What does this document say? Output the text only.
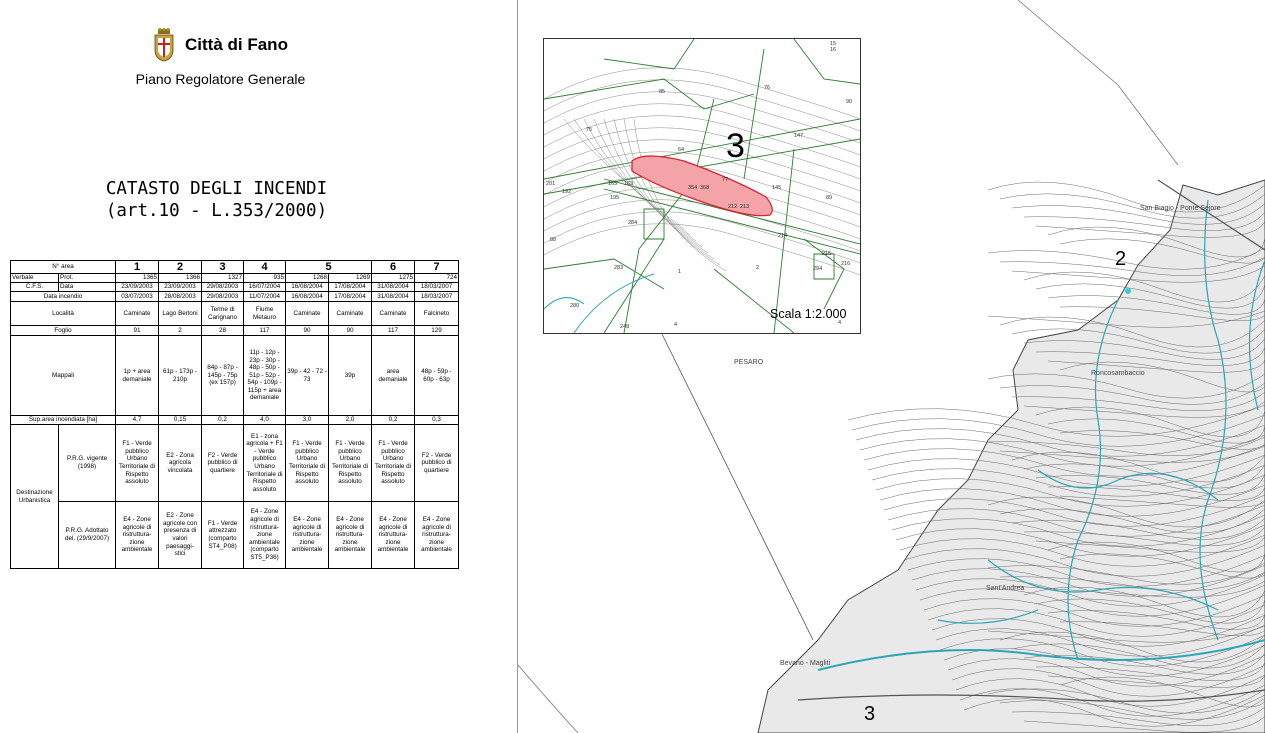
Città di Fano
Piano Regolatore Generale
CATASTO DEGLI INCENDI
(art.10 - L.353/2000)
N° area		1	2	3	4	5		6	7
Verbale	Prot.	1365	1366	1327	935	1268	1269	1275	724
C.F.S.	Data	23/09/2003	23/09/2003	29/08/2003	16/07/2004	16/08/2004	17/08/2004	31/08/2004	18/03/2007
Data incendio		03/07/2003	28/08/2003	29/08/2003	11/07/2004	16/08/2004	17/08/2004	31/08/2004	18/03/2007
Località		Caminate	Lago Berloni	Terme di Carignano	Fiume Metauro	Caminate	Caminate	Caminate	Falcineto
Foglio		91	2	28	117	90	90	117	129
Mappali		1p + area demaniale	61p - 173p - 210p	84p - 87p - 145p - 75p (ex 157p)	11p - 12p - 23p - 30p - 48p - 50p - 51p - 52p - 54p - 109p - 115p + area demaniale	39p - 42 - 72 - 73	39p	area demaniale	48p - 59p - 60p - 63p
Sup.area incendiata [ha]		4,7	0,15	0,2	4,0	3,0	2,0	0,2	0,3
Destinazione Urbanistica	P.R.G. vigente (1998)	F1 - Verde pubblico Urbano Territoriale di Rispetto assoluto	E2 - Zona agricola vincolata	F2 - Verde pubblico di quartiere	E1 - zona agricola + F1 - Verde pubblico Urbano Territoriale di Rispetto assoluto	F1 - Verde pubblico Urbano Territoriale di Rispetto assoluto	F1 - Verde pubblico Urbano Territoriale di Rispetto assoluto	F1 - Verde pubblico Urbano Territoriale di Rispetto assoluto	F2 - Verde pubblico di quartiere
	P.R.G. Adottato del. (29/9/2007)	E4 - Zone agricole di ristruttura- zione ambientale	E2 - Zone agricole con presenza di valori paesaggi- stici	F1 - Verde attrezzato (comparto ST4_P08)	E4 - Zone agricole di ristruttura- zione ambientale (comparto ST5_P36)	E4 - Zone agricole di ristruttura- zione ambientale	E4 - Zone agricole di ristruttura- zione ambientale	E4 - Zone agricole di ristruttura- zione ambientale	E4 - Zone agricole di ristruttura- zione ambientale
PESARO
San Biagio - Ponte Sejore
Roncosambaccio
Sant'Andrea
Bevano - Magliti
2
3
3
Scala 1:2.000
15
16
85
76
90
147
75
64
201
192
165 163
195
284
145
89
88
283
1
2
214
215
216
294
280
248	4	4
354 368
213
212
77
